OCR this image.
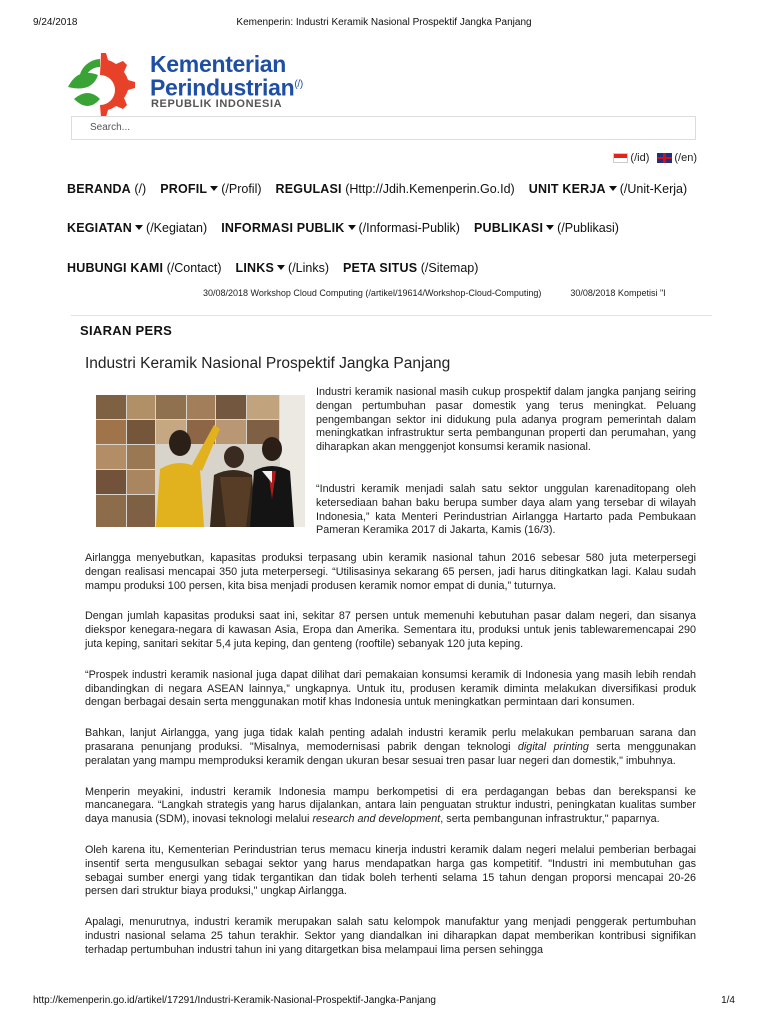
9/24/2018	Kemenperin: Industri Keramik Nasional Prospektif Jangka Panjang
Kementerian
Perindustrian(/)
REPUBLIK INDONESIA
Search...
(/id)	(/en)
BERANDA (/) PROFIL (/Profil) REGULASI (Http://Jdih.Kemenperin.Go.Id) UNIT KERJA (/Unit-Kerja)
KEGIATAN (/Kegiatan) INFORMASI PUBLIK (/Informasi-Publik) PUBLIKASI (/Publikasi)
HUBUNGI KAMI (/Contact) LINKS (/Links) PETA SITUS (/Sitemap)
30/08/2018 Workshop Cloud Computing (/artikel/19614/Workshop-Cloud-Computing)	30/08/2018 Kompetisi "I
SIARAN PERS
Industri Keramik Nasional Prospektif Jangka Panjang

Industri keramik nasional masih cukup prospektif dalam jangka panjang seiring dengan pertumbuhan pasar domestik yang terus meningkat. Peluang pengembangan sektor ini didukung pula adanya program pemerintah dalam meningkatkan infrastruktur serta pembangunan properti dan perumahan, yang diharapkan akan menggenjot konsumsi keramik nasional.

“Industri keramik menjadi salah satu sektor unggulan karenaditopang oleh ketersediaan bahan baku berupa sumber daya alam yang tersebar di wilayah Indonesia,” kata Menteri Perindustrian Airlangga Hartarto pada Pembukaan Pameran Keramika 2017 di Jakarta, Kamis (16/3).

Airlangga menyebutkan, kapasitas produksi terpasang ubin keramik nasional tahun 2016 sebesar 580 juta meterpersegi dengan realisasi mencapai 350 juta meterpersegi. “Utilisasinya sekarang 65 persen, jadi harus ditingkatkan lagi. Kalau sudah mampu produksi 100 persen, kita bisa menjadi produsen keramik nomor empat di dunia,” tuturnya.

Dengan jumlah kapasitas produksi saat ini, sekitar 87 persen untuk memenuhi kebutuhan pasar dalam negeri, dan sisanya diekspor kenegara-negara di kawasan Asia, Eropa dan Amerika. Sementara itu, produksi untuk jenis tablewaremencapai 290 juta keping, sanitari sekitar 5,4 juta keping, dan genteng (rooftile) sebanyak 120 juta keping.

“Prospek industri keramik nasional juga dapat dilihat dari pemakaian konsumsi keramik di Indonesia yang masih lebih rendah dibandingkan di negara ASEAN lainnya,” ungkapnya. Untuk itu, produsen keramik diminta melakukan diversifikasi produk dengan berbagai desain serta menggunakan motif khas Indonesia untuk meningkatkan permintaan dari konsumen.

Bahkan, lanjut Airlangga, yang juga tidak kalah penting adalah industri keramik perlu melakukan pembaruan sarana dan prasarana penunjang produksi. "Misalnya, memodernisasi pabrik dengan teknologi digital printing serta menggunakan peralatan yang mampu memproduksi keramik dengan ukuran besar sesuai tren pasar luar negeri dan domestik," imbuhnya.

Menperin meyakini, industri keramik Indonesia mampu berkompetisi di era perdagangan bebas dan berekspansi ke mancanegara. “Langkah strategis yang harus dijalankan, antara lain penguatan struktur industri, peningkatan kualitas sumber daya manusia (SDM), inovasi teknologi melalui research and development, serta pembangunan infrastruktur," paparnya.

Oleh karena itu, Kementerian Perindustrian terus memacu kinerja industri keramik dalam negeri melalui pemberian berbagai insentif serta mengusulkan sebagai sektor yang harus mendapatkan harga gas kompetitif. "Industri ini membutuhan gas sebagai sumber energi yang tidak tergantikan dan tidak boleh terhenti selama 15 tahun dengan proporsi mencapai 20-26 persen dari struktur biaya produksi," ungkap Airlangga.

Apalagi, menurutnya, industri keramik merupakan salah satu kelompok manufaktur yang menjadi penggerak pertumbuhan industri nasional selama 25 tahun terakhir. Sektor yang diandalkan ini diharapkan dapat memberikan kontribusi signifikan terhadap pertumbuhan industri tahun ini yang ditargetkan bisa melampaui lima persen sehingga

http://kemenperin.go.id/artikel/17291/Industri-Keramik-Nasional-Prospektif-Jangka-Panjang	1/4
